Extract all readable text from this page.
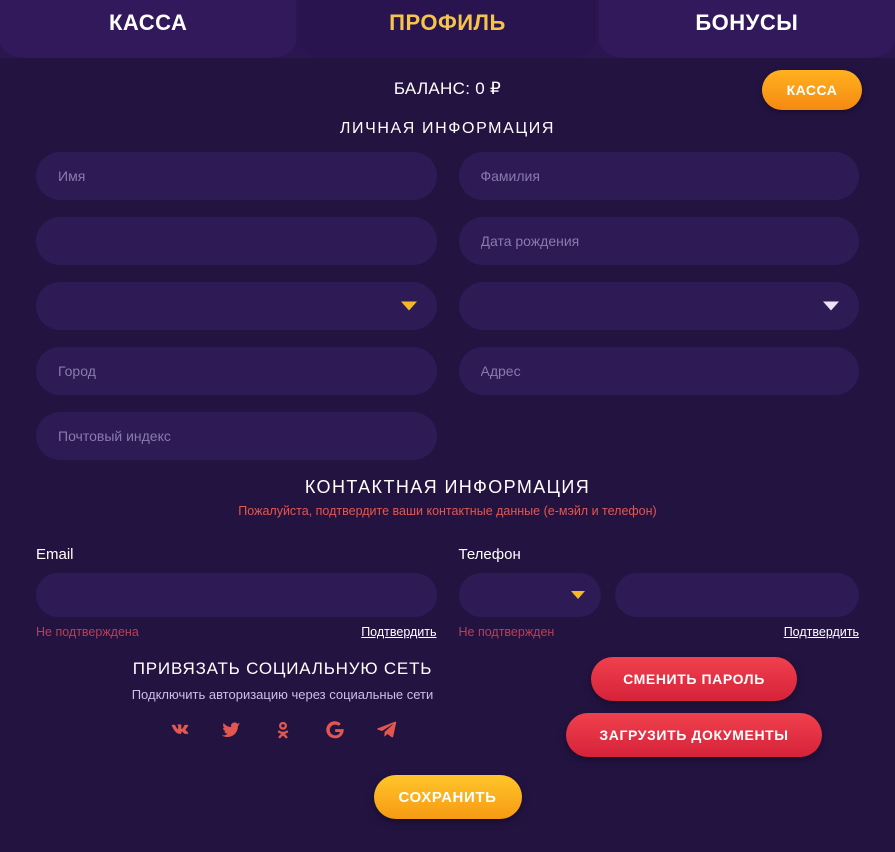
КАССА	ПРОФИЛЬ	БОНУСЫ
БАЛАНС: 0 ₽	КАССА
ЛИЧНАЯ ИНФОРМАЦИЯ
Имя
Фамилия
Дата рождения
Город
Адрес
Почтовый индекс
КОНТАКТНАЯ ИНФОРМАЦИЯ
Пожалуйста, подтвердите ваши контактные данные (e-мэйл и телефон)
Email
Не подтверждена	Подтвердить
Телефон
Не подтвержден	Подтвердить
ПРИВЯЗАТЬ СОЦИАЛЬНУЮ СЕТЬ
Подключить авторизацию через социальные сети
СМЕНИТЬ ПАРОЛЬ
ЗАГРУЗИТЬ ДОКУМЕНТЫ
СОХРАНИТЬ
